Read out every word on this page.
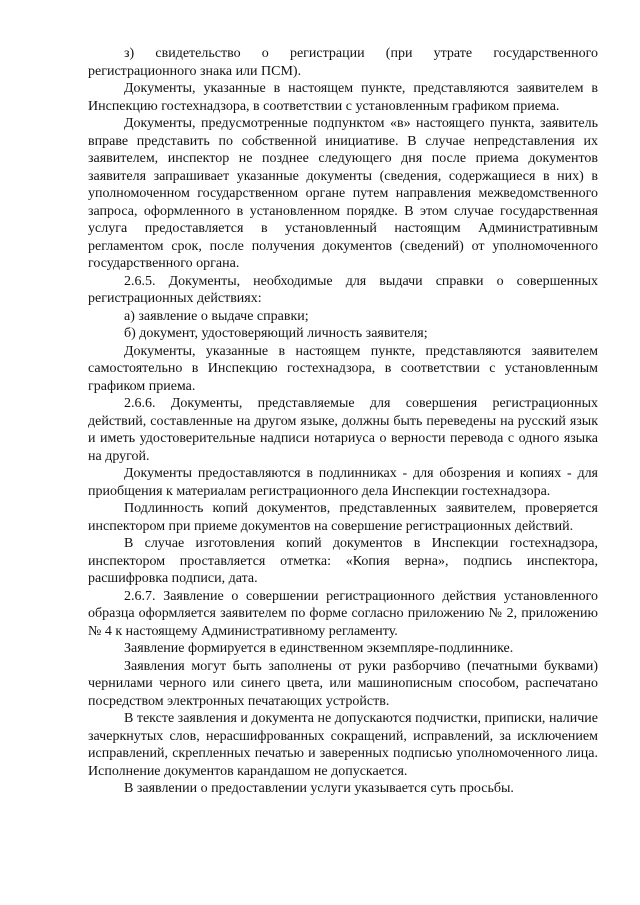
з) свидетельство о регистрации (при утрате государственного регистрационного знака или ПСМ).

Документы, указанные в настоящем пункте, представляются заявителем в Инспекцию гостехнадзора, в соответствии с установленным графиком приема.

Документы, предусмотренные подпунктом «в» настоящего пункта, заявитель вправе представить по собственной инициативе. В случае непредставления их заявителем, инспектор не позднее следующего дня после приема документов заявителя запрашивает указанные документы (сведения, содержащиеся в них) в уполномоченном государственном органе путем направления межведомственного запроса, оформленного в установленном порядке. В этом случае государственная услуга предоставляется в установленный настоящим Административным регламентом срок, после получения документов (сведений) от уполномоченного государственного органа.

2.6.5. Документы, необходимые для выдачи справки о совершенных регистрационных действиях:

а) заявление о выдаче справки;

б) документ, удостоверяющий личность заявителя;

Документы, указанные в настоящем пункте, представляются заявителем самостоятельно в Инспекцию гостехнадзора, в соответствии с установленным графиком приема.

2.6.6. Документы, представляемые для совершения регистрационных действий, составленные на другом языке, должны быть переведены на русский язык и иметь удостоверительные надписи нотариуса о верности перевода с одного языка на другой.

Документы предоставляются в подлинниках - для обозрения и копиях - для приобщения к материалам регистрационного дела Инспекции гостехнадзора.

Подлинность копий документов, представленных заявителем, проверяется инспектором при приеме документов на совершение регистрационных действий.

В случае изготовления копий документов в Инспекции гостехнадзора, инспектором проставляется отметка: «Копия верна», подпись инспектора, расшифровка подписи, дата.

2.6.7. Заявление о совершении регистрационного действия установленного образца оформляется заявителем по форме согласно приложению № 2, приложению № 4 к настоящему Административному регламенту.

Заявление формируется в единственном экземпляре-подлиннике.

Заявления могут быть заполнены от руки разборчиво (печатными буквами) чернилами черного или синего цвета, или машинописным способом, распечатано посредством электронных печатающих устройств.

В тексте заявления и документа не допускаются подчистки, приписки, наличие зачеркнутых слов, нерасшифрованных сокращений, исправлений, за исключением исправлений, скрепленных печатью и заверенных подписью уполномоченного лица. Исполнение документов карандашом не допускается.

В заявлении о предоставлении услуги указывается суть просьбы.
